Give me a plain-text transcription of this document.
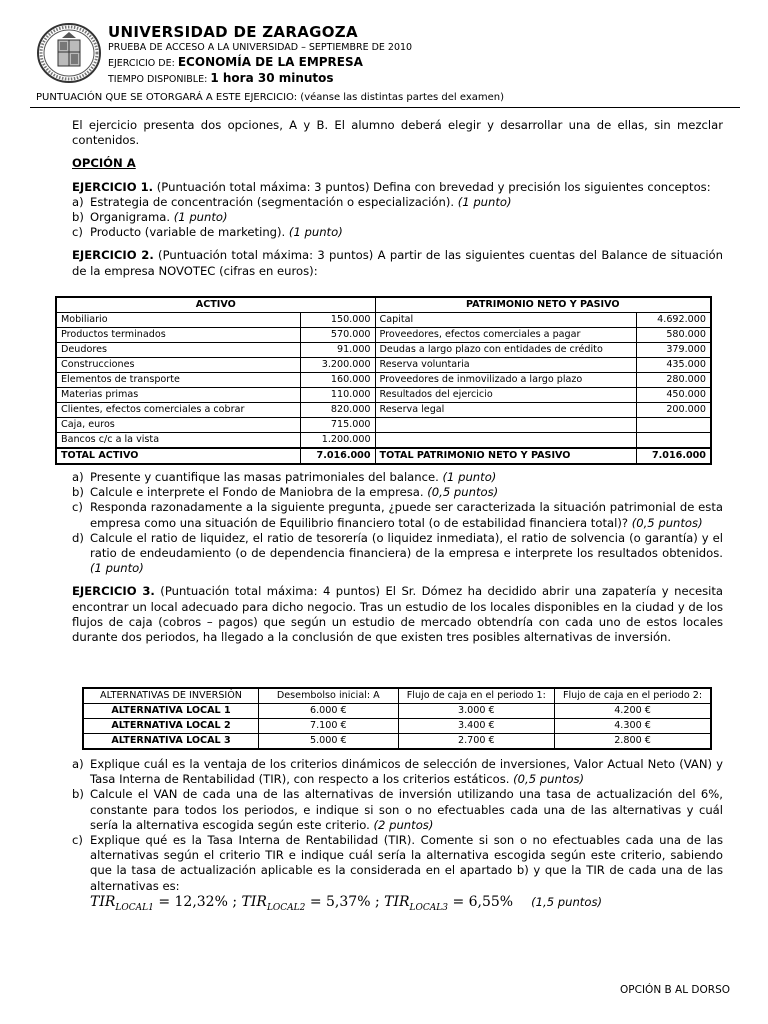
UNIVERSIDAD DE ZARAGOZA
PRUEBA DE ACCESO A LA UNIVERSIDAD – SEPTIEMBRE DE 2010
EJERCICIO DE: ECONOMÍA DE LA EMPRESA
TIEMPO DISPONIBLE: 1 hora 30 minutos
PUNTUACIÓN QUE SE OTORGARÁ A ESTE EJERCICIO: (véanse las distintas partes del examen)

El ejercicio presenta dos opciones, A y B. El alumno deberá elegir y desarrollar una de ellas, sin mezclar contenidos.

OPCIÓN A

EJERCICIO 1. (Puntuación total máxima: 3 puntos) Defina con brevedad y precisión los siguientes conceptos:

a) Estrategia de concentración (segmentación o especialización). (1 punto)
b) Organigrama. (1 punto)
c) Producto (variable de marketing). (1 punto)

EJERCICIO 2. (Puntuación total máxima: 3 puntos) A partir de las siguientes cuentas del Balance de situación de la empresa NOVOTEC (cifras en euros):

ACTIVO		PATRIMONIO NETO Y PASIVO	
Mobiliario	150.000	Capital	4.692.000
Productos terminados	570.000	Proveedores, efectos comerciales a pagar	580.000
Deudores	91.000	Deudas a largo plazo con entidades de crédito	379.000
Construcciones	3.200.000	Reserva voluntaria	435.000
Elementos de transporte	160.000	Proveedores de inmovilizado a largo plazo	280.000
Materias primas	110.000	Resultados del ejercicio	450.000
Clientes, efectos comerciales a cobrar	820.000	Reserva legal	200.000
Caja, euros	715.000		
Bancos c/c a la vista	1.200.000		
TOTAL ACTIVO	7.016.000	TOTAL PATRIMONIO NETO Y PASIVO	7.016.000
a) Presente y cuantifique las masas patrimoniales del balance. (1 punto)
b) Calcule e interprete el Fondo de Maniobra de la empresa. (0,5 puntos)
c) Responda razonadamente a la siguiente pregunta, ¿puede ser caracterizada la situación patrimonial de esta empresa como una situación de Equilibrio financiero total (o de estabilidad financiera total)? (0,5 puntos)
d) Calcule el ratio de liquidez, el ratio de tesorería (o liquidez inmediata), el ratio de solvencia (o garantía) y el ratio de endeudamiento (o de dependencia financiera) de la empresa e interprete los resultados obtenidos. (1 punto)

EJERCICIO 3. (Puntuación total máxima: 4 puntos) El Sr. Dómez ha decidido abrir una zapatería y necesita encontrar un local adecuado para dicho negocio. Tras un estudio de los locales disponibles en la ciudad y de los flujos de caja (cobros – pagos) que según un estudio de mercado obtendría con cada uno de estos locales durante dos periodos, ha llegado a la conclusión de que existen tres posibles alternativas de inversión.

ALTERNATIVAS DE INVERSIÓN	Desembolso inicial: A	Flujo de caja en el periodo 1:	Flujo de caja en el periodo 2:
ALTERNATIVA LOCAL 1	6.000 €	3.000 €	4.200 €
ALTERNATIVA LOCAL 2	7.100 €	3.400 €	4.300 €
ALTERNATIVA LOCAL 3	5.000 €	2.700 €	2.800 €
a) Explique cuál es la ventaja de los criterios dinámicos de selección de inversiones, Valor Actual Neto (VAN) y Tasa Interna de Rentabilidad (TIR), con respecto a los criterios estáticos. (0,5 puntos)
b) Calcule el VAN de cada una de las alternativas de inversión utilizando una tasa de actualización del 6%, constante para todos los periodos, e indique si son o no efectuables cada una de las alternativas y cuál sería la alternativa escogida según este criterio. (2 puntos)
c) Explique qué es la Tasa Interna de Rentabilidad (TIR). Comente si son o no efectuables cada una de las alternativas según el criterio TIR e indique cuál sería la alternativa escogida según este criterio, sabiendo que la tasa de actualización aplicable es la considerada en el apartado b) y que la TIR de cada una de las alternativas es:
$TIR_{LOCAL1} = 12,32\%$ ; $TIR_{LOCAL2} = 5,37\%$ ; $TIR_{LOCAL3} = 6,55\%$ (1,5 puntos)
OPCIÓN B AL DORSO
